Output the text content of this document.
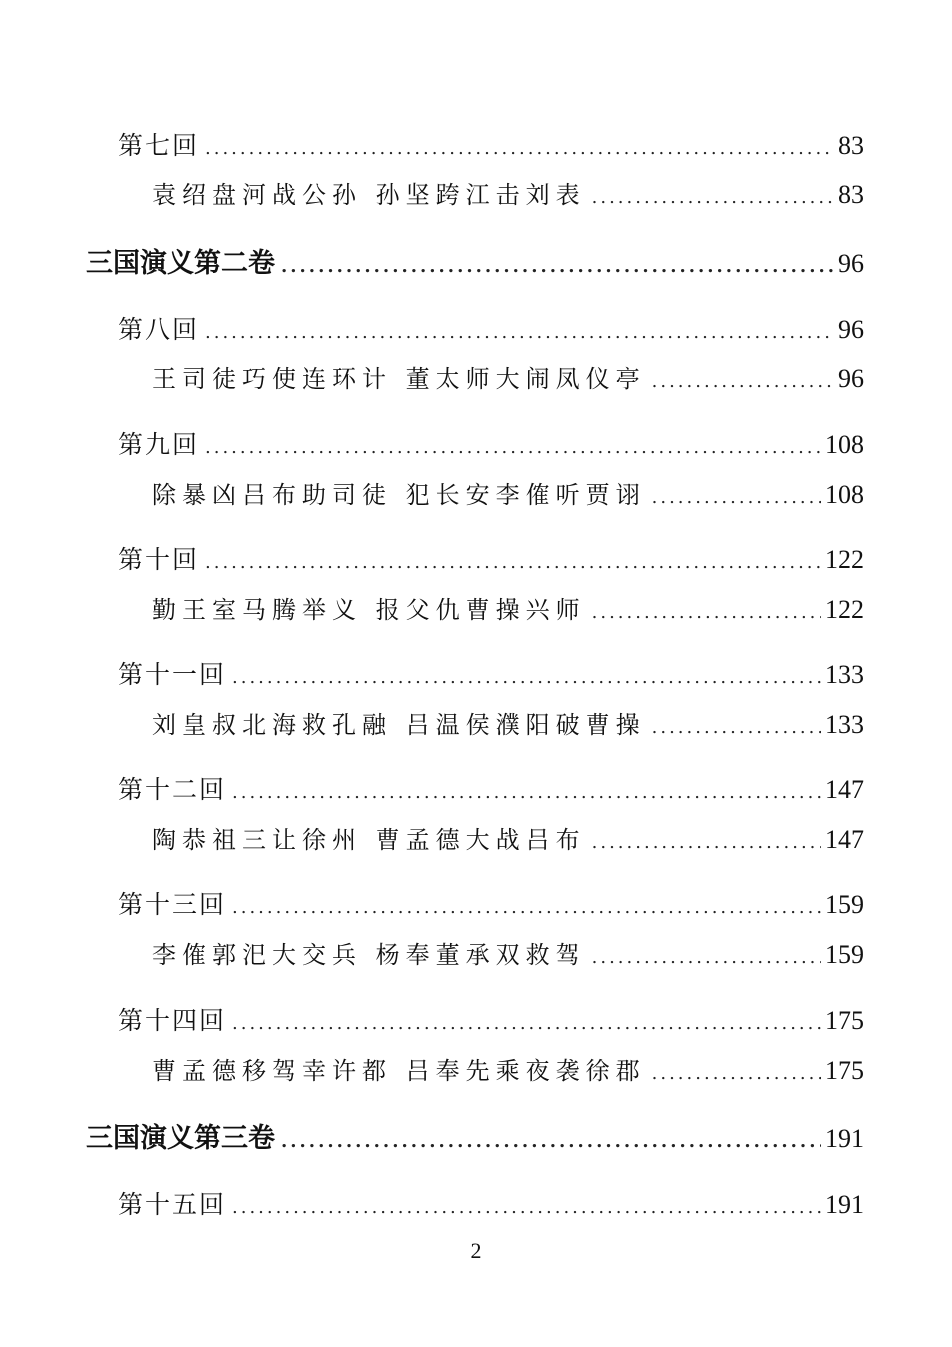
第七回 .....	83
袁绍盘河战公孙 孙坚跨江击刘表 .....	83
三国演义第二卷 .....	96
第八回 .....	96
王司徒巧使连环计 董太师大闹凤仪亭 .....	96
第九回 .....	108
除暴凶吕布助司徒 犯长安李傕听贾诩 .....	108
第十回 .....	122
勤王室马腾举义 报父仇曹操兴师 .....	122
第十一回 .....	133
刘皇叔北海救孔融 吕温侯濮阳破曹操 .....	133
第十二回 .....	147
陶恭祖三让徐州 曹孟德大战吕布 .....	147
第十三回 .....	159
李傕郭汜大交兵 杨奉董承双救驾 .....	159
第十四回 .....	175
曹孟德移驾幸许都 吕奉先乘夜袭徐郡 .....	175
三国演义第三卷 .....	191
第十五回 .....	191
2
